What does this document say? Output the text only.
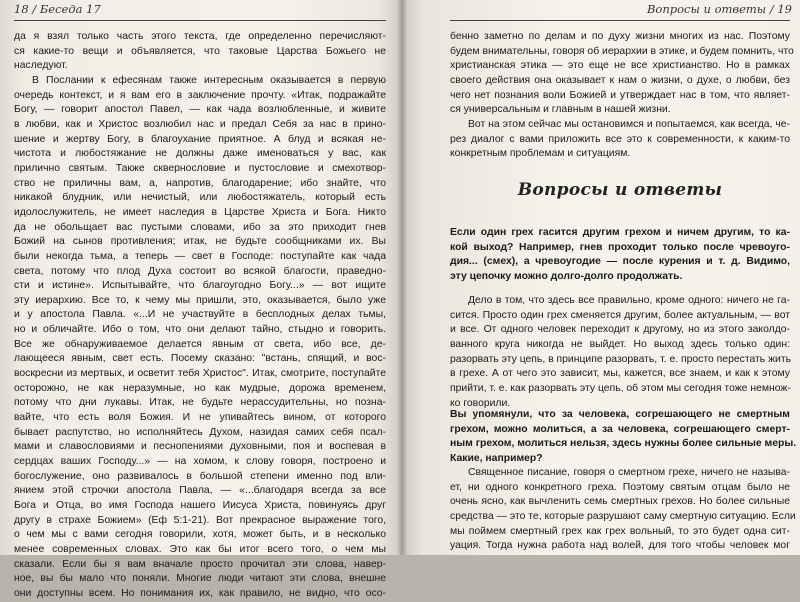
18 / Беседа 17
да я взял только часть этого текста, где определенно перечисляют-
ся какие-то вещи и объявляется, что таковые Царства Божьего не
наследуют.
В Послании к ефесянам также интересным оказывается в первую
очередь контекст, и я вам его в заключение прочту. «Итак, подражайте
Богу, — говорит апостол Павел, — как чада возлюбленные, и живите
в любви, как и Христос возлюбил нас и предал Себя за нас в прино-
шение и жертву Богу, в благоухание приятное. А блуд и всякая не-
чистота и любостяжание не должны даже именоваться у вас, как
прилично святым. Также сквернословие и пустословие и смехотвор-
ство не приличны вам, а, напротив, благодарение; ибо знайте, что
никакой блудник, или нечистый, или любостяжатель, который есть
идолослужитель, не имеет наследия в Царстве Христа и Бога. Никто
да не обольщает вас пустыми словами, ибо за это приходит гнев
Божий на сынов противления; итак, не будьте сообщниками их. Вы
были некогда тьма, а теперь — свет в Господе: поступайте как чада
света, потому что плод Духа состоит во всякой благости, праведно-
сти и истине». Испытывайте, что благоугодно Богу...» — вот ищите
эту иерархию. Все то, к чему мы пришли, это, оказывается, было уже
и у апостола Павла. «...И не участвуйте в бесплодных делах тьмы,
но и обличайте. Ибо о том, что они делают тайно, стыдно и говорить.
Все же обнаруживаемое делается явным от света, ибо все, де-
лающееся явным, свет есть. Посему сказано: "встань, спящий, и вос-
воскресни из мертвых, и осветит тебя Христос". Итак, смотрите, поступайте
осторожно, не как неразумные, но как мудрые, дорожа временем,
потому что дни лукавы. Итак, не будьте нерассудительны, но познa-
вайте, что есть воля Божия. И не упивайтесь вином, от которого
бывает распутство, но исполняйтесь Духом, назидая самих себя псал-
мами и славословиями и песнопениями духовными, поя и воспевая в
сердцах ваших Господу...» — на хомом, к слову говоря, построено и
богослужение, оно развивалось в большой степени именно под вли-
янием этой строчки апостола Павла, — «...благодаря всегда за все
Бога и Отца, во имя Господа нашего Иисуса Христа, повинуясь друг
другу в страхе Божием» (Еф 5:1-21). Вот прекрасное выражение того,
о чем мы с вами сегодня говорили, хотя, может быть, и в несколько
менее современных словах. Это как бы итог всего того, о чем мы
сказали. Если бы я вам вначале просто прочитал эти слова, навер-
ное, вы бы мало что поняли. Многие люди читают эти слова, внешне
они доступны всем. Но понимания их, как правило, не видно, что осо-
Вопросы и ответы / 19
бенно заметно по делам и по духу жизни многих из нас. Поэтому
будем внимательны, говоря об иерархии в этике, и будем помнить, что
христианская этика — это еще не все христианство. Но в рамках
своего действия она оказывает к нам о жизни, о духе, о любви, без
чего нет познания воли Божией и утверждает нас в том, что являет-
ся универсальным и главным в нашей жизни.
Вот на этом сейчас мы остановимся и попытаемся, как всегда, че-
рез диалог с вами приложить все это к современности, к каким-то
конкретным проблемам и ситуациям.
Вопросы и ответы
Если один грех гасится другим грехом и ничем другим, то ка-
кой выход? Например, гнев проходит только после чревоуго-
дия... (смех), а чревоугодие — после курения и т. д. Видимо,
эту цепочку можно долго-долго продолжать.
Дело в том, что здесь все правильно, кроме одного: ничего не га-
сится. Просто один грех сменяется другим, более актуальным, — вот
и все. От одного человек переходит к другому, но из этого заколдо-
ванного круга никогда не выйдет. Но выход здесь только один:
разорвать эту цепь, в принципе разорвать, т. е. просто перестать жить
в грехе. А от чего это зависит, мы, кажется, все знаем, и как к этому
прийти, т. е. как разорвать эту цепь, об этом мы сегодня тоже немнож-
ко говорили.
Вы упомянули, что за человека, согрешающего не смертным
грехом, можно молиться, а за человека, согрешающего смерт-
ным грехом, молиться нельзя, здесь нужны более сильные меры.
Какие, например?
Священное писание, говоря о смертном грехе, ничего не называ-
ет, ни одного конкретного греха. Поэтому святым отцам было не
очень ясно, как вычленить семь смертных грехов. Но более сильные
средства — это те, которые разрушают саму смертную ситуацию. Если
мы поймем смертный грех как грех вольный, то это будет одна сит-
уация. Тогда нужна работа над волей, для того чтобы человек мог
